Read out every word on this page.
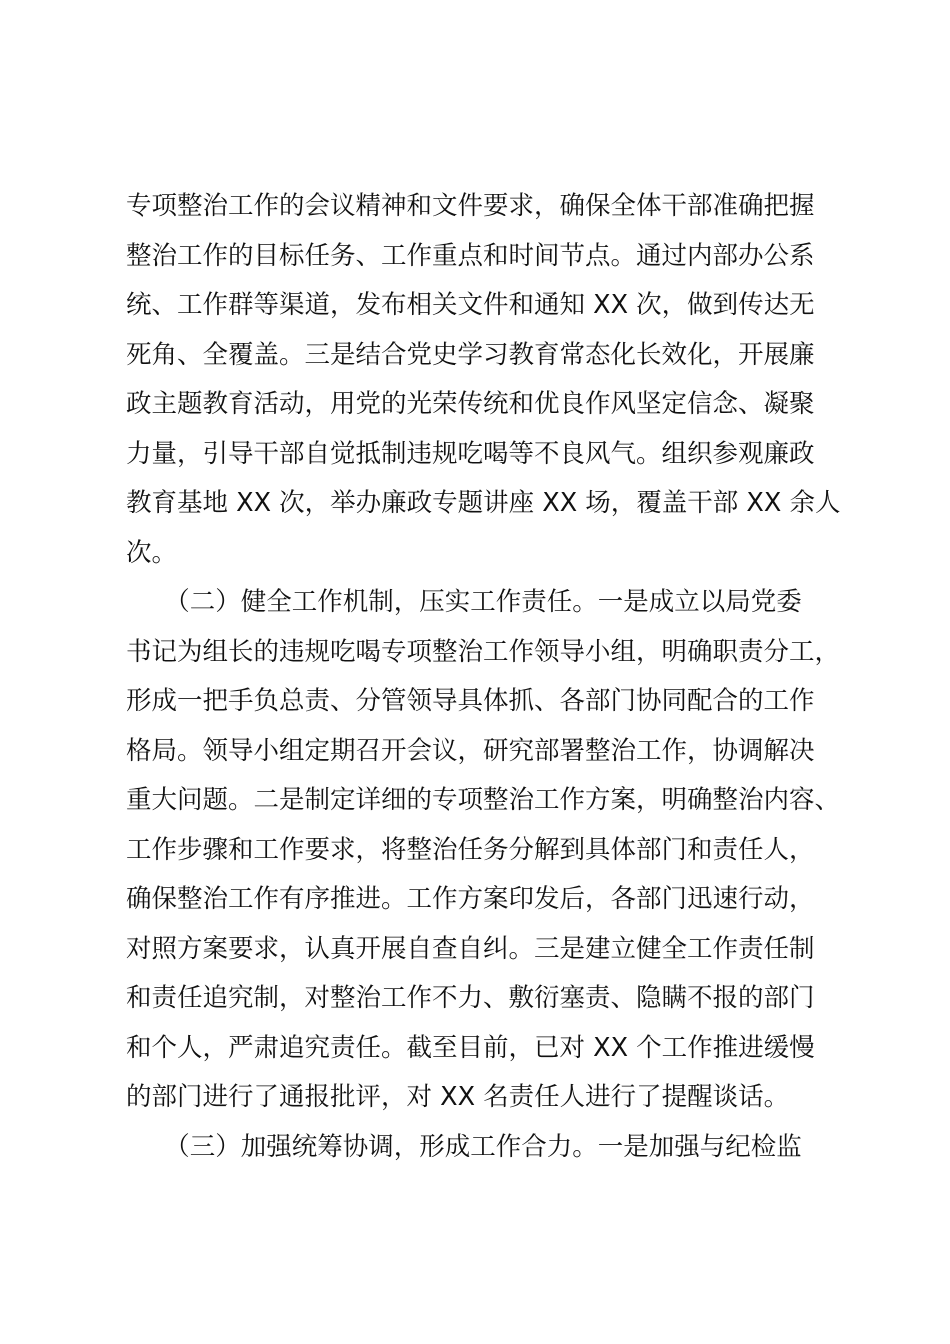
专项整治工作的会议精神和文件要求，确保全体干部准确把握
整治工作的目标任务、工作重点和时间节点。通过内部办公系
统、工作群等渠道，发布相关文件和通知 XX 次，做到传达无
死角、全覆盖。三是结合党史学习教育常态化长效化，开展廉
政主题教育活动，用党的光荣传统和优良作风坚定信念、凝聚
力量，引导干部自觉抵制违规吃喝等不良风气。组织参观廉政
教育基地 XX 次，举办廉政专题讲座 XX 场，覆盖干部 XX 余人
次。
　　（二）健全工作机制，压实工作责任。一是成立以局党委
书记为组长的违规吃喝专项整治工作领导小组，明确职责分工，
形成一把手负总责、分管领导具体抓、各部门协同配合的工作
格局。领导小组定期召开会议，研究部署整治工作，协调解决
重大问题。二是制定详细的专项整治工作方案，明确整治内容、
工作步骤和工作要求，将整治任务分解到具体部门和责任人，
确保整治工作有序推进。工作方案印发后，各部门迅速行动，
对照方案要求，认真开展自查自纠。三是建立健全工作责任制
和责任追究制，对整治工作不力、敷衍塞责、隐瞒不报的部门
和个人，严肃追究责任。截至目前，已对 XX 个工作推进缓慢
的部门进行了通报批评，对 XX 名责任人进行了提醒谈话。
　　（三）加强统筹协调，形成工作合力。一是加强与纪检监
